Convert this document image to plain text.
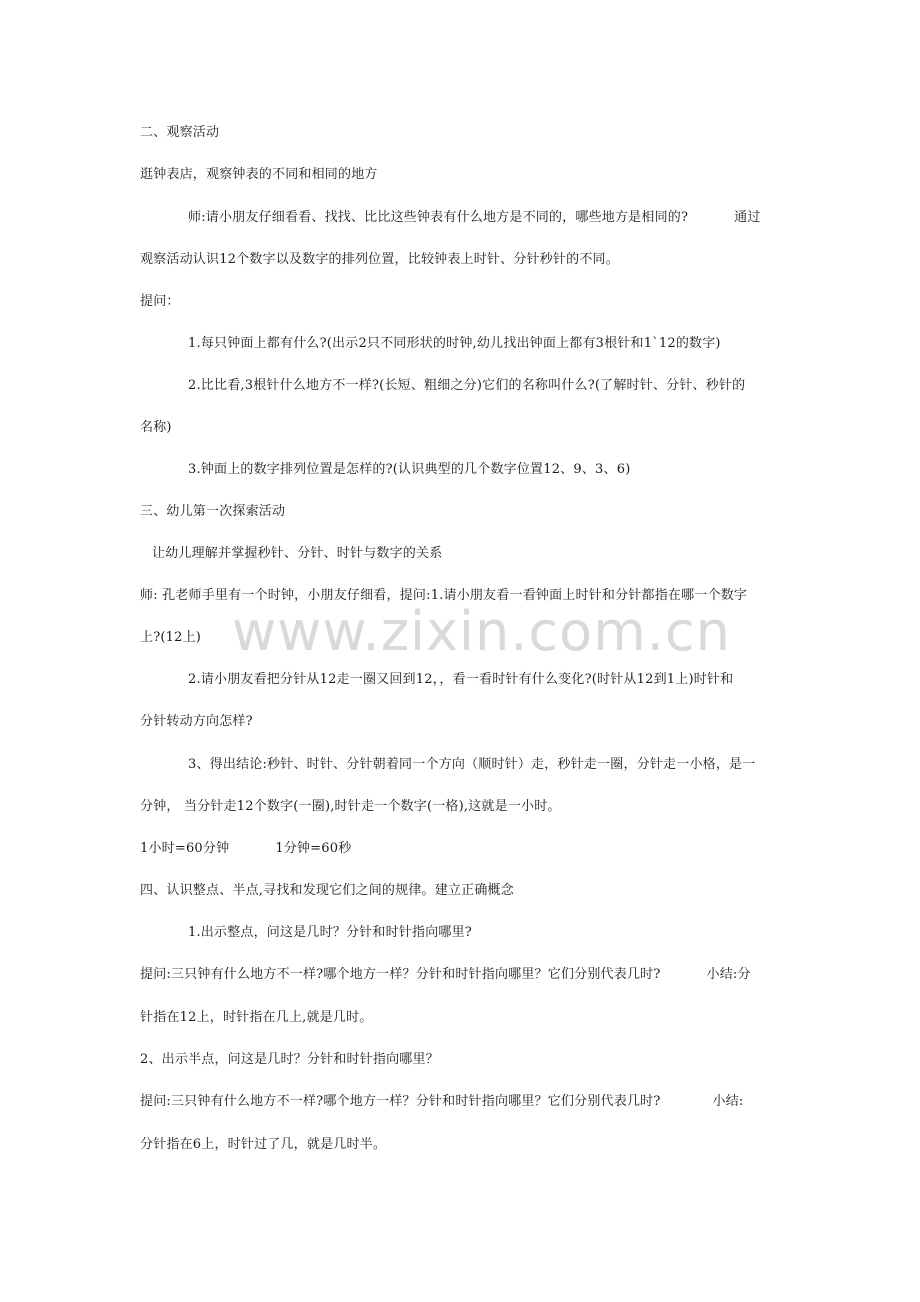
www.zixin.com.cn
二、观察活动
逛钟表店，观察钟表的不同和相同的地方
师:请小朋友仔细看看、找找、比比这些钟表有什么地方是不同的，哪些地方是相同的?	通过
观察活动认识12个数字以及数字的排列位置，比较钟表上时针、分针秒针的不同。
提问：
1.每只钟面上都有什么?(出示2只不同形状的时钟,幼儿找出钟面上都有3根针和1`12的数字)
2.比比看,3根针什么地方不一样?(长短、粗细之分)它们的名称叫什么?(了解时针、分针、秒针的
名称)
3.钟面上的数字排列位置是怎样的?(认识典型的几个数字位置12、9、3、6)
三、幼儿第一次探索活动
让幼儿理解并掌握秒针、分针、时针与数字的关系
师: 孔老师手里有一个时钟，小朋友仔细看，提问:1.请小朋友看一看钟面上时针和分针都指在哪一个数字
上?(12上)
2.请小朋友看把分针从12走一圈又回到12，，看一看时针有什么变化?(时针从12到1上)时针和
分针转动方向怎样?
3、得出结论:秒针、时针、分针朝着同一个方向（顺时针）走，秒针走一圈，分针走一小格，是一
分钟， 当分针走12个数字(一圈),时针走一个数字(一格),这就是一小时。
1小时=60分钟	1分钟=60秒
四、认识整点、半点,寻找和发现它们之间的规律。建立正确概念
1.出示整点，问这是几时？分针和时针指向哪里?
提问:三只钟有什么地方不一样?哪个地方一样？分针和时针指向哪里？它们分别代表几时?	小结:分
针指在12上，时针指在几上,就是几时。
2、出示半点，问这是几时？分针和时针指向哪里？
提问:三只钟有什么地方不一样?哪个地方一样？分针和时针指向哪里？它们分别代表几时?	小结:
分针指在6上，时针过了几，就是几时半。
